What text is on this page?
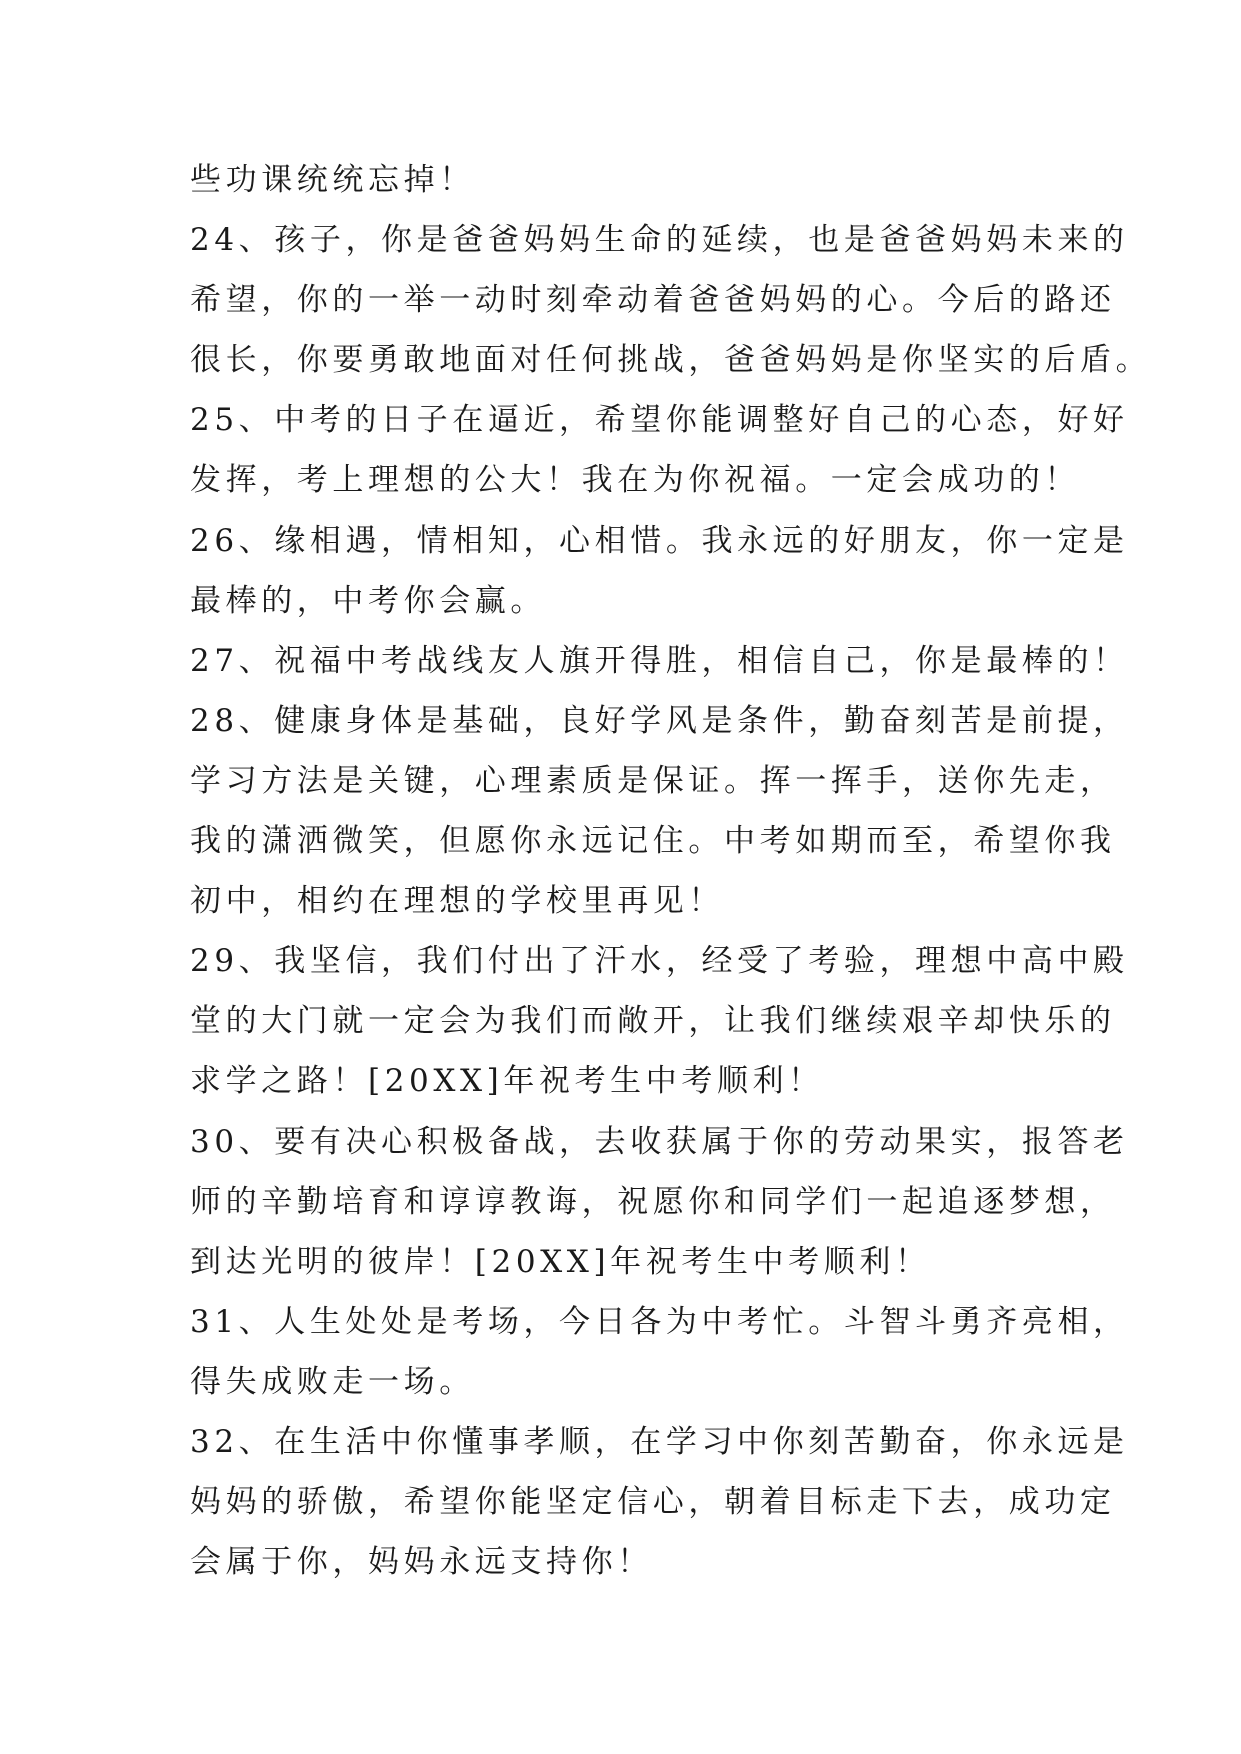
些功课统统忘掉！
24、孩子，你是爸爸妈妈生命的延续，也是爸爸妈妈未来的
希望，你的一举一动时刻牵动着爸爸妈妈的心。今后的路还
很长，你要勇敢地面对任何挑战，爸爸妈妈是你坚实的后盾。
25、中考的日子在逼近，希望你能调整好自己的心态，好好
发挥，考上理想的公大！我在为你祝福。一定会成功的！
26、缘相遇，情相知，心相惜。我永远的好朋友，你一定是
最棒的，中考你会赢。
27、祝福中考战线友人旗开得胜，相信自己，你是最棒的！
28、健康身体是基础，良好学风是条件，勤奋刻苦是前提，
学习方法是关键，心理素质是保证。挥一挥手，送你先走，
我的潇洒微笑，但愿你永远记住。中考如期而至，希望你我
初中，相约在理想的学校里再见！
29、我坚信，我们付出了汗水，经受了考验，理想中高中殿
堂的大门就一定会为我们而敞开，让我们继续艰辛却快乐的
求学之路！[20XX]年祝考生中考顺利！
30、要有决心积极备战，去收获属于你的劳动果实，报答老
师的辛勤培育和谆谆教诲，祝愿你和同学们一起追逐梦想，
到达光明的彼岸！[20XX]年祝考生中考顺利！
31、人生处处是考场，今日各为中考忙。斗智斗勇齐亮相，
得失成败走一场。
32、在生活中你懂事孝顺，在学习中你刻苦勤奋，你永远是
妈妈的骄傲，希望你能坚定信心，朝着目标走下去，成功定
会属于你，妈妈永远支持你！
